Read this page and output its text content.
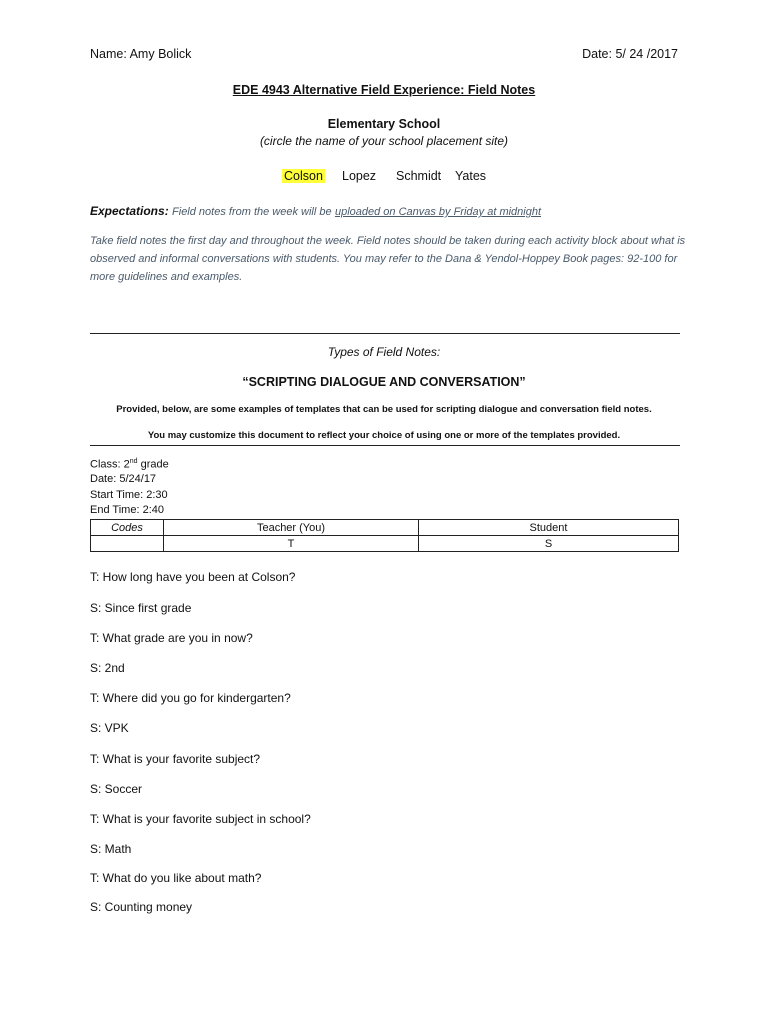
Name: Amy Bolick	Date: 5/ 24 /2017
EDE 4943 Alternative Field Experience: Field Notes
Elementary School
(circle the name of your school placement site)
Colson Lopez Schmidt Yates
Expectations: Field notes from the week will be uploaded on Canvas by Friday at midnight
Take field notes the first day and throughout the week. Field notes should be taken during each activity block about what is observed and informal conversations with students. You may refer to the Dana & Yendol-Hoppey Book pages: 92-100 for more guidelines and examples.
Types of Field Notes:
“SCRIPTING DIALOGUE AND CONVERSATION”
Provided, below, are some examples of templates that can be used for scripting dialogue and conversation field notes.
You may customize this document to reflect your choice of using one or more of the templates provided.
Class: 2nd grade
Date: 5/24/17
Start Time: 2:30
End Time: 2:40
Codes	Teacher (You)	Student
	T	S
T: How long have you been at Colson?
S: Since first grade
T: What grade are you in now?
S: 2nd
T: Where did you go for kindergarten?
S: VPK
T: What is your favorite subject?
S: Soccer
T: What is your favorite subject in school?
S: Math
T: What do you like about math?
S: Counting money
